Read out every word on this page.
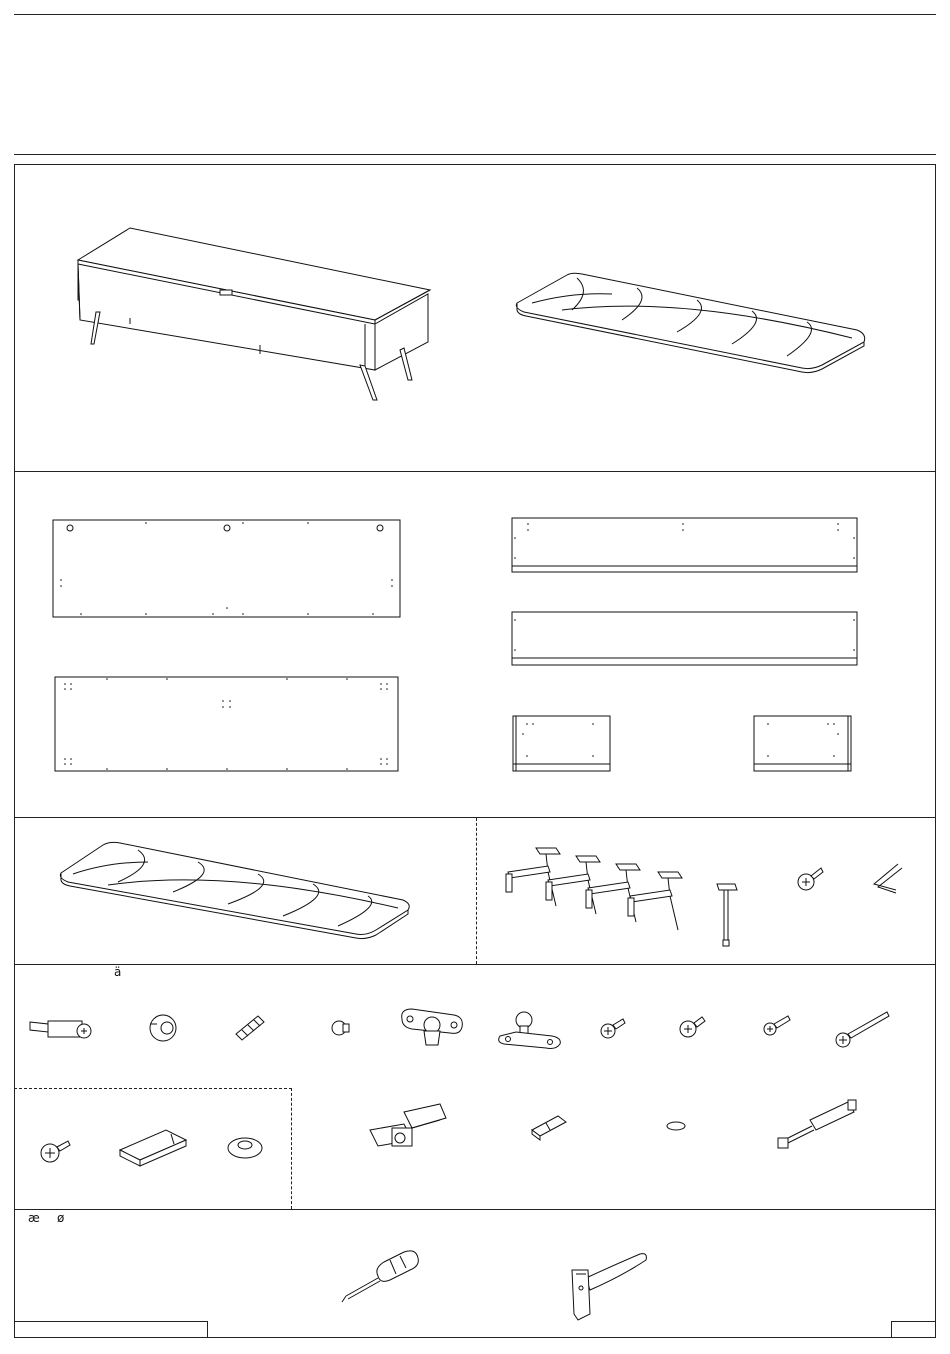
ä
æ ø
